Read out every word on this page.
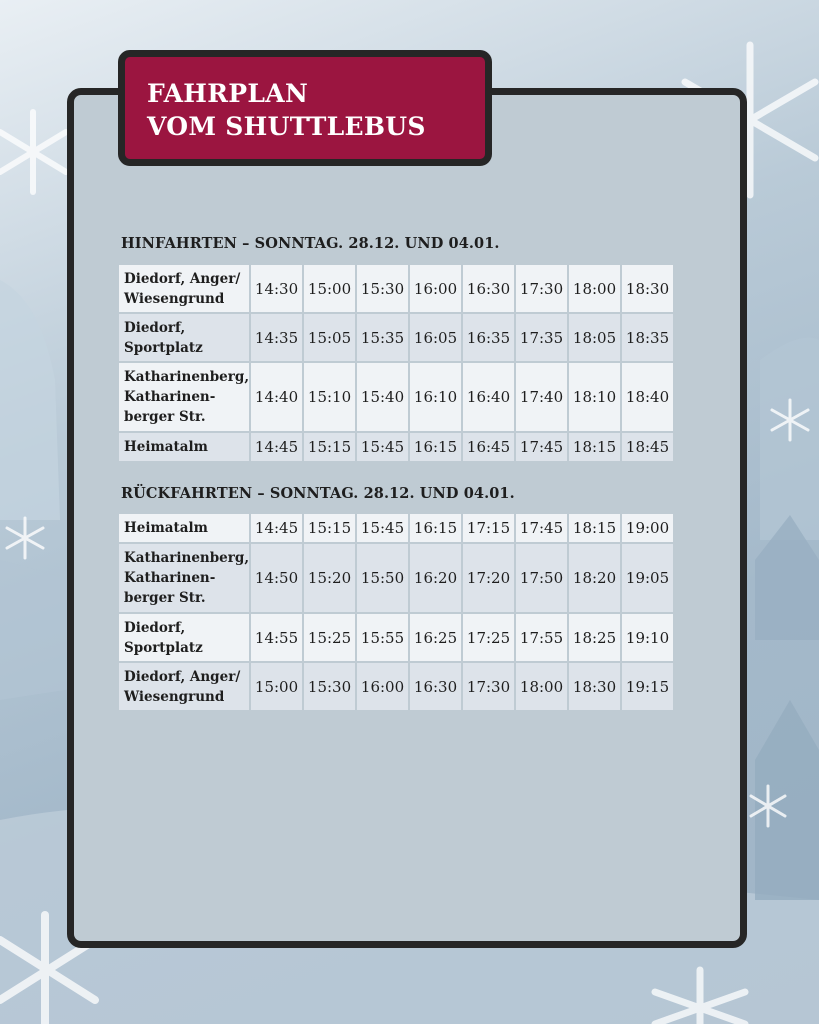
FAHRPLAN
VOM SHUTTLEBUS
HINFAHRTEN – SONNTAG. 28.12. UND 04.01.
Diedorf, Anger/
Wiesengrund	14:30	15:00	15:30	16:00	16:30	17:30	18:00	18:30

Diedorf,
Sportplatz	14:35	15:05	15:35	16:05	16:35	17:35	18:05	18:35

Katharinenberg,
Katharinen-
berger Str.	14:40	15:10	15:40	16:10	16:40	17:40	18:10	18:40

Heimatalm	14:45	15:15	15:45	16:15	16:45	17:45	18:15	18:45
RÜCKFAHRTEN – SONNTAG. 28.12. UND 04.01.
Heimatalm	14:45	15:15	15:45	16:15	17:15	17:45	18:15	19:00

Katharinenberg,
Katharinen-
berger Str.	14:50	15:20	15:50	16:20	17:20	17:50	18:20	19:05

Diedorf,
Sportplatz	14:55	15:25	15:55	16:25	17:25	17:55	18:25	19:10

Diedorf, Anger/
Wiesengrund	15:00	15:30	16:00	16:30	17:30	18:00	18:30	19:15
